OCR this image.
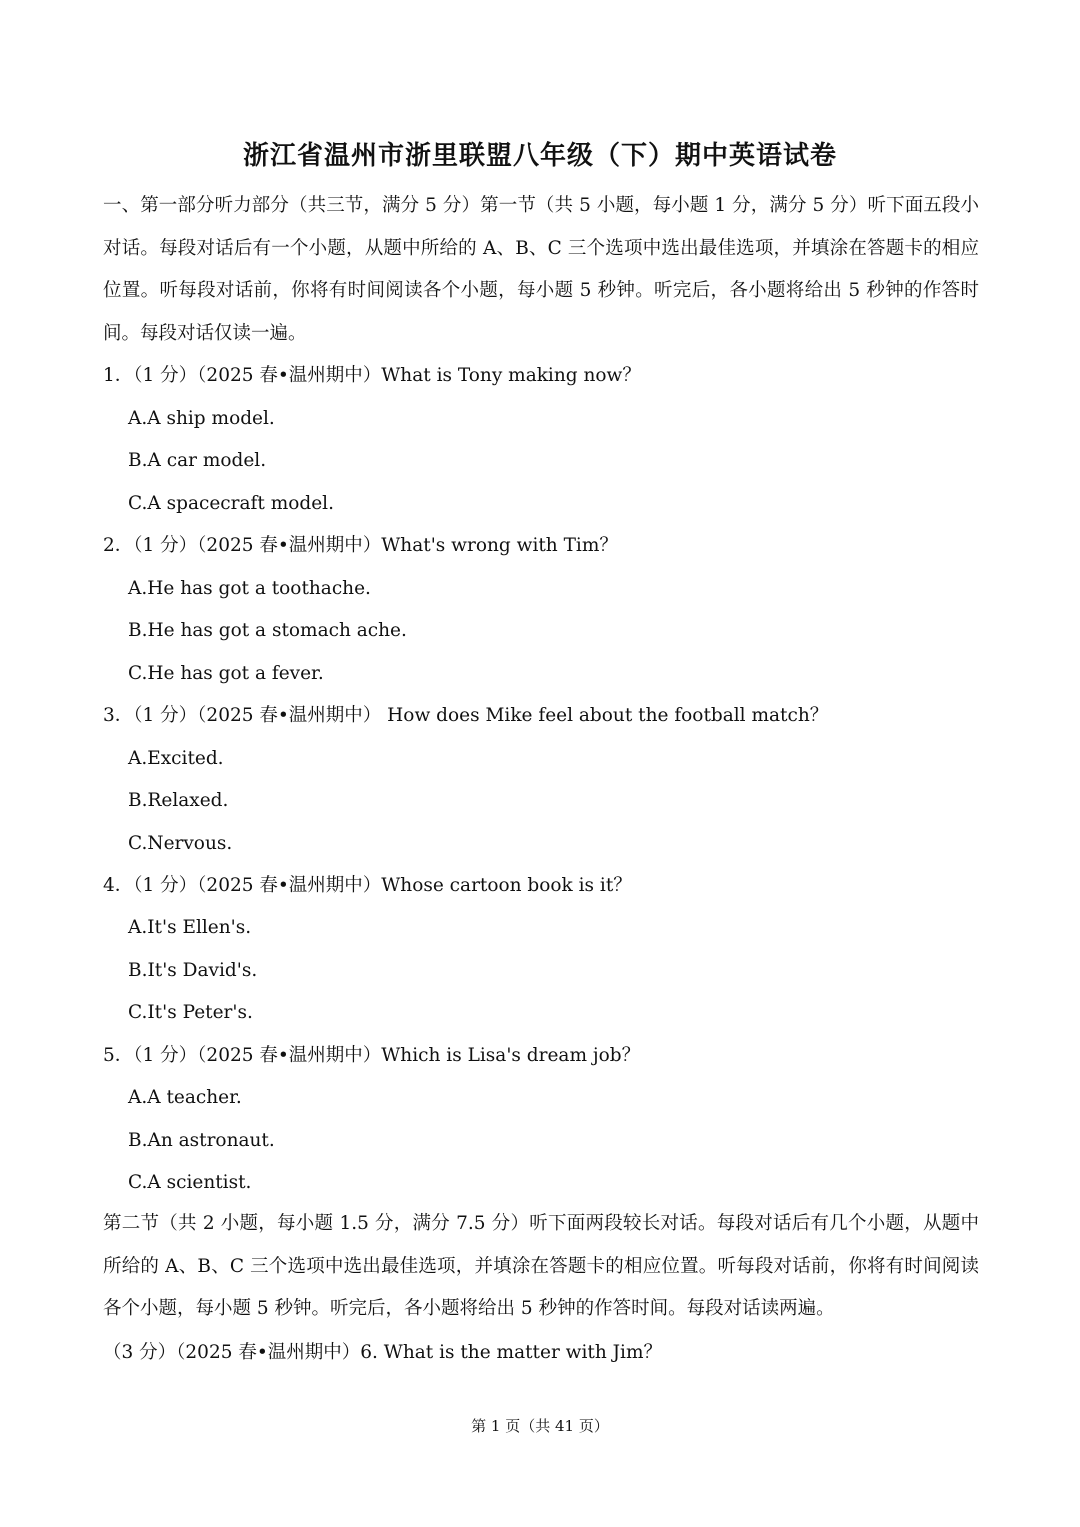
浙江省温州市浙里联盟八年级（下）期中英语试卷
一、第一部分听力部分（共三节，满分 5 分）第一节（共 5 小题，每小题 1 分，满分 5 分）听下面五段小对话。每段对话后有一个小题，从题中所给的 A、B、C 三个选项中选出最佳选项，并填涂在答题卡的相应位置。听每段对话前，你将有时间阅读各个小题，每小题 5 秒钟。听完后，各小题将给出 5 秒钟的作答时间。每段对话仅读一遍。
1．（1 分）（2025 春•温州期中）What is Tony making now？
A.A ship model.
B.A car model.
C.A spacecraft model.
2．（1 分）（2025 春•温州期中）What's wrong with Tim？
A.He has got a toothache.
B.He has got a stomach ache.
C.He has got a fever.
3．（1 分）（2025 春•温州期中） How does Mike feel about the football match？
A.Excited.
B.Relaxed.
C.Nervous.
4．（1 分）（2025 春•温州期中）Whose cartoon book is it？
A.It's Ellen's.
B.It's David's.
C.It's Peter's.
5．（1 分）（2025 春•温州期中）Which is Lisa's dream job？
A.A teacher.
B.An astronaut.
C.A scientist.
第二节（共 2 小题，每小题 1.5 分，满分 7.5 分）听下面两段较长对话。每段对话后有几个小题，从题中所给的 A、B、C 三个选项中选出最佳选项，并填涂在答题卡的相应位置。听每段对话前，你将有时间阅读各个小题，每小题 5 秒钟。听完后，各小题将给出 5 秒钟的作答时间。每段对话读两遍。
（3 分）（2025 春•温州期中）6. What is the matter with Jim？
第 1 页（共 41 页）
